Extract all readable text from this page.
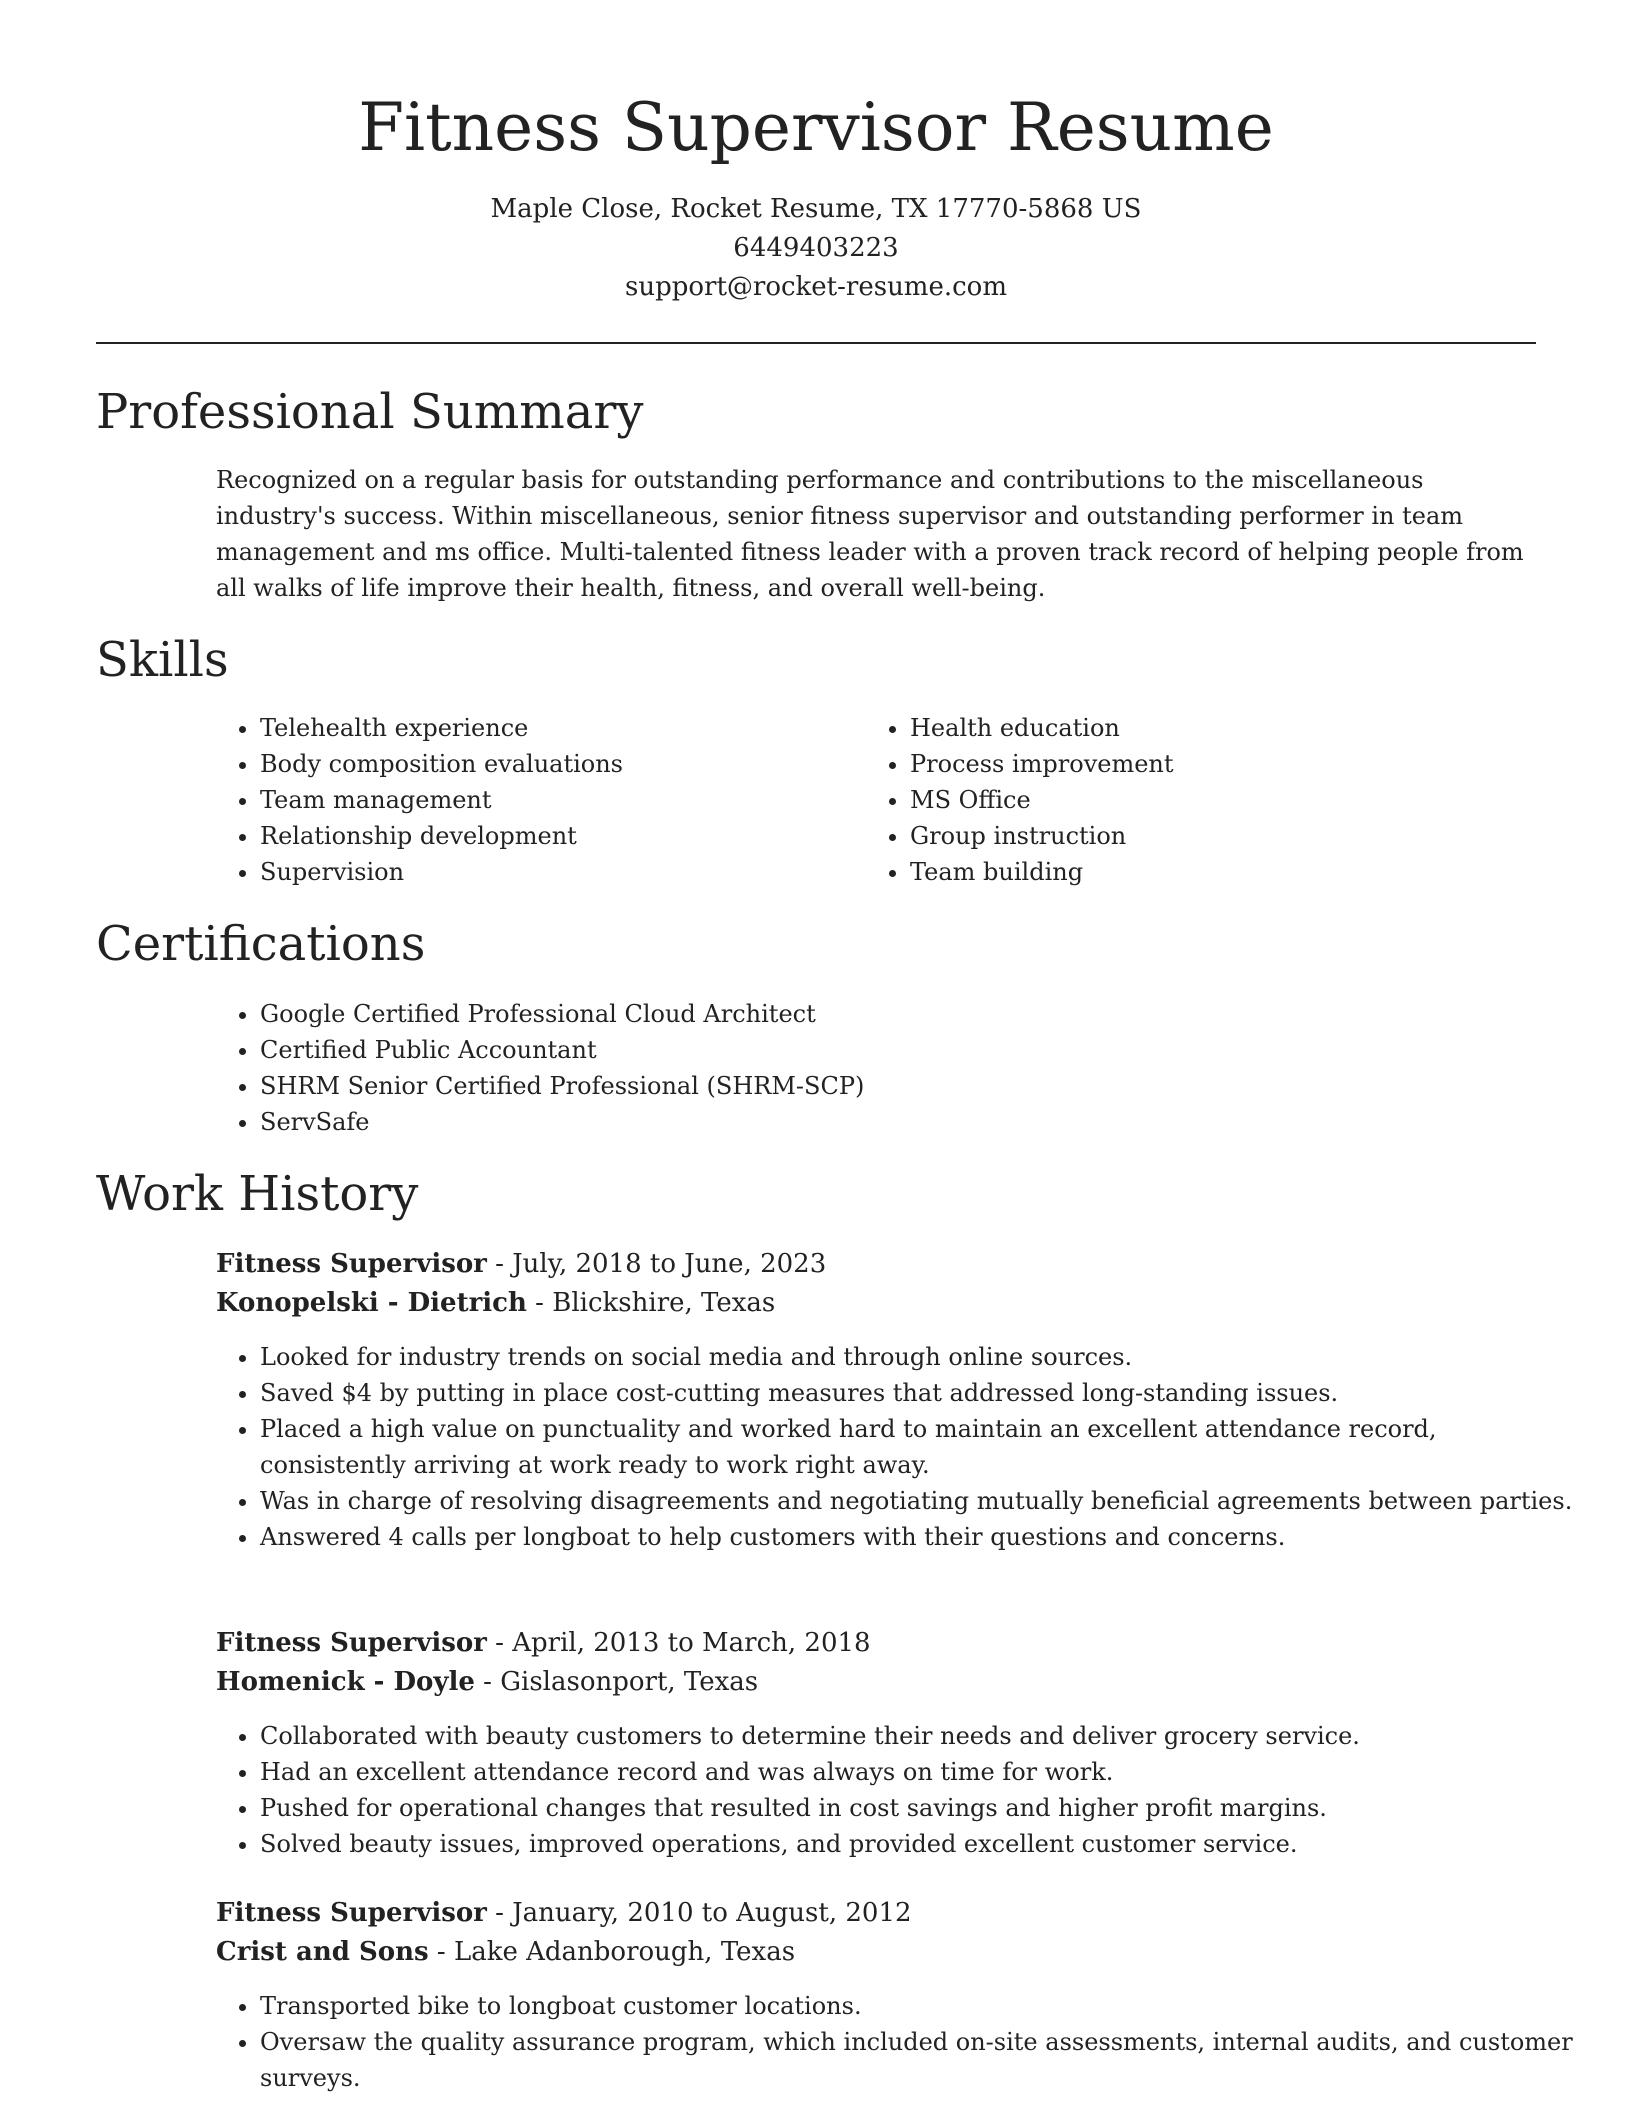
Fitness Supervisor Resume

Maple Close, Rocket Resume, TX 17770-5868 US

6449403223

support@rocket-resume.com

Professional Summary

Recognized on a regular basis for outstanding performance and contributions to the miscellaneous industry's success. Within miscellaneous, senior fitness supervisor and outstanding performer in team management and ms office. Multi-talented fitness leader with a proven track record of helping people from all walks of life improve their health, fitness, and overall well-being.

Skills
• Telehealth experience
• Body composition evaluations
• Team management
• Relationship development
• Supervision
• Health education
• Process improvement
• MS Office
• Group instruction
• Team building
Certifications
• Google Certified Professional Cloud Architect
• Certified Public Accountant
• SHRM Senior Certified Professional (SHRM-SCP)
• ServSafe
Work History
Fitness Supervisor - July, 2018 to June, 2023
Konopelski - Dietrich - Blickshire, Texas
• Looked for industry trends on social media and through online sources.
• Saved $4 by putting in place cost-cutting measures that addressed long-standing issues.
• Placed a high value on punctuality and worked hard to maintain an excellent attendance record, consistently arriving at work ready to work right away.
• Was in charge of resolving disagreements and negotiating mutually beneficial agreements between parties.
• Answered 4 calls per longboat to help customers with their questions and concerns.
Fitness Supervisor - April, 2013 to March, 2018
Homenick - Doyle - Gislasonport, Texas
• Collaborated with beauty customers to determine their needs and deliver grocery service.
• Had an excellent attendance record and was always on time for work.
• Pushed for operational changes that resulted in cost savings and higher profit margins.
• Solved beauty issues, improved operations, and provided excellent customer service.
Fitness Supervisor - January, 2010 to August, 2012
Crist and Sons - Lake Adanborough, Texas
• Transported bike to longboat customer locations.
• Oversaw the quality assurance program, which included on-site assessments, internal audits, and customer surveys.
